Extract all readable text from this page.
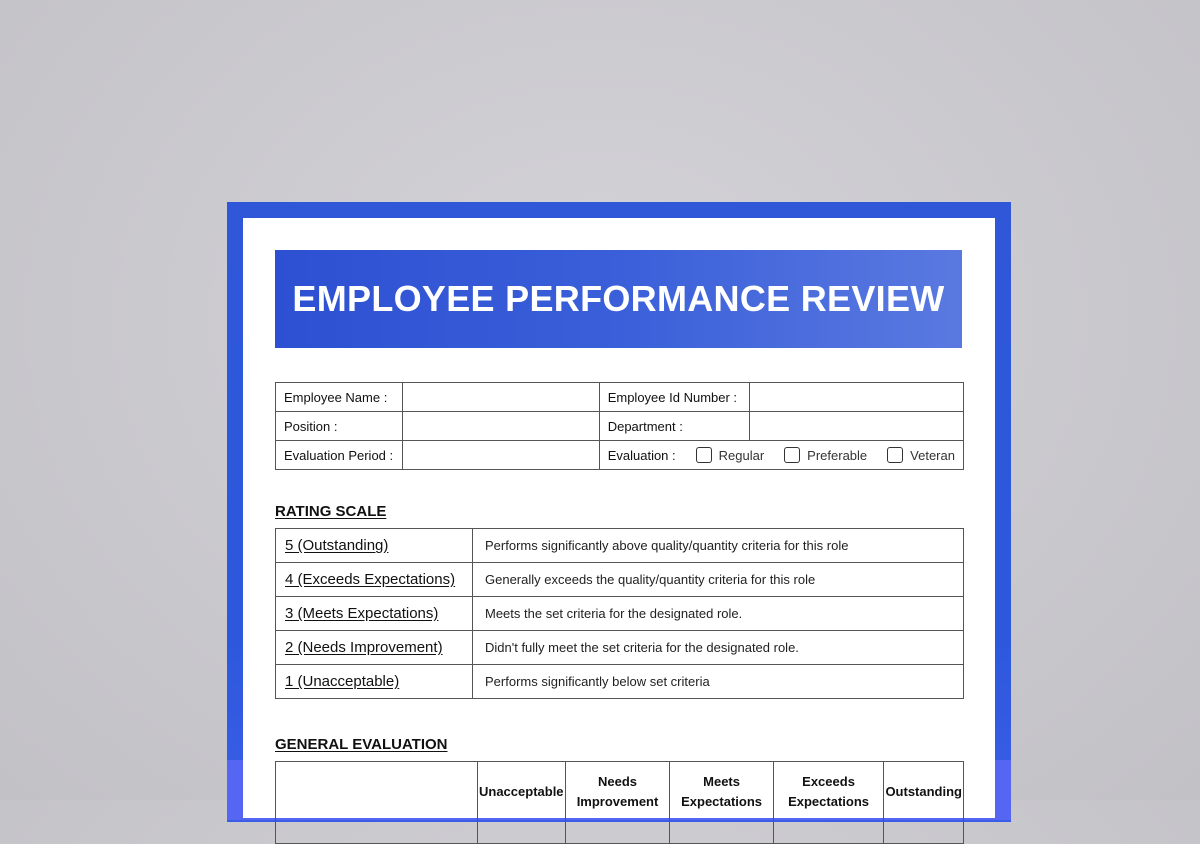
EMPLOYEE PERFORMANCE REVIEW
Employee Name :		Employee Id Number :	
Position :		Department :	
Evaluation Period :		Evaluation : Regular Preferable Veteran	
RATING SCALE
5 (Outstanding)	Performs significantly above quality/quantity criteria for this role
4 (Exceeds Expectations)	Generally exceeds the quality/quantity criteria for this role
3 (Meets Expectations)	Meets the set criteria for the designated role.
2 (Needs Improvement)	Didn't fully meet the set criteria for the designated role.
1 (Unacceptable)	Performs significantly below set criteria
GENERAL EVALUATION
	Unacceptable	Needs Improvement	Meets Expectations	Exceeds Expectations	Outstanding
